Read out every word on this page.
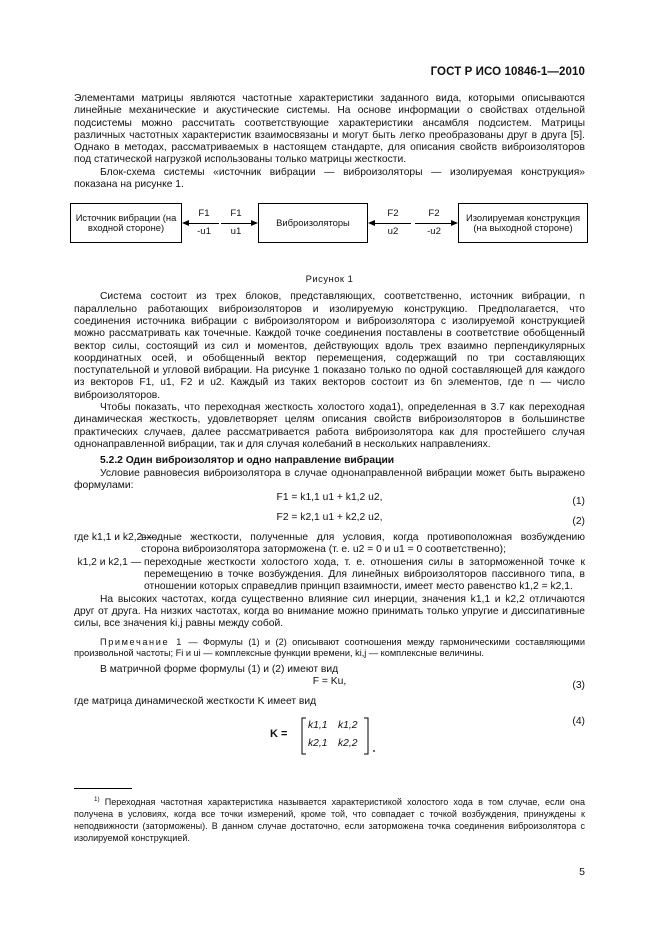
ГОСТ Р ИСО 10846-1—2010

Элементами матрицы являются частотные характеристики заданного вида, которыми описываются линейные механические и акустические системы. На основе информации о свойствах отдельной подсистемы можно рассчитать соответствующие характеристики ансамбля подсистем. Матрицы различных частотных характеристик взаимосвязаны и могут быть легко преобразованы друг в друга [5]. Однако в методах, рассматриваемых в настоящем стандарте, для описания свойств виброизоляторов под статической нагрузкой использованы только матрицы жесткости.

Блок-схема системы «источник вибрации — виброизоляторы — изолируемая конструкция» показана на рисунке 1.

Источник вибрации (на входной стороне)	Виброизоляторы	Изолируемая конструкция (на выходной стороне)
F1
-u1
F1
u1
F2
u2
F2
-u2
Рисунок 1

Система состоит из трех блоков, представляющих, соответственно, источник вибрации, n параллельно работающих виброизоляторов и изолируемую конструкцию. Предполагается, что соединения источника вибрации с виброизолятором и виброизолятора с изолируемой конструкцией можно рассматривать как точечные. Каждой точке соединения поставлены в соответствие обобщенный вектор силы, состоящий из сил и моментов, действующих вдоль трех взаимно перпендикулярных координатных осей, и обобщенный вектор перемещения, содержащий по три составляющих поступательной и угловой вибрации. На рисунке 1 показано только по одной составляющей для каждого из векторов F1, u1, F2 и u2. Каждый из таких векторов состоит из 6n элементов, где n — число виброизоляторов.

Чтобы показать, что переходная жесткость холостого хода1), определенная в 3.7 как переходная динамическая жесткость, удовлетворяет целям описания свойств виброизоляторов в большинстве практических случаев, далее рассматривается работа виброизолятора как для простейшего случая однонаправленной вибрации, так и для случая колебаний в нескольких направлениях.

5.2.2 Один виброизолятор и одно направление вибрации

Условие равновесия виброизолятора в случае однонаправленной вибрации может быть выражено формулами:

F1 = k1,1 u1 + k1,2 u2,	(1)
F2 = k2,1 u1 + k2,2 u2,	(2)
где k1,1 и k2,2 —
входные жесткости, полученные для условия, когда противоположная возбуждению сторона виброизолятора заторможена (т. е. u2 = 0 и u1 = 0 соответственно);
k1,2 и k2,1 — переходные жесткости холостого хода, т. е. отношения силы в заторможенной точке к перемещению в точке возбуждения. Для линейных виброизоляторов пассивного типа, в отношении которых справедлив принцип взаимности, имеет место равенство k1,2 = k2,1.

На высоких частотах, когда существенно влияние сил инерции, значения k1,1 и k2,2 отличаются друг от друга. На низких частотах, когда во внимание можно принимать только упругие и диссипативные силы, все значения ki,j равны между собой.

Примечание 1 — Формулы (1) и (2) описывают соотношения между гармоническими составляющими произвольной частоты; Fi и ui — комплексные функции времени, ki,j — комплексные величины.

В матричной форме формулы (1) и (2) имеют вид

F = Ku,	(3)

где матрица динамической жесткости K имеет вид

K =
k1,1 k1,2
k2,1 k2,2
(4)
$^{1)}$ Переходная частотная характеристика называется характеристикой холостого хода в том случае, если она получена в условиях, когда все точки измерений, кроме той, что совпадает с точкой возбуждения, принуждены к неподвижности (заторможены). В данном случае достаточно, если заторможена точка соединения виброизолятора с изолируемой конструкцией.
5
